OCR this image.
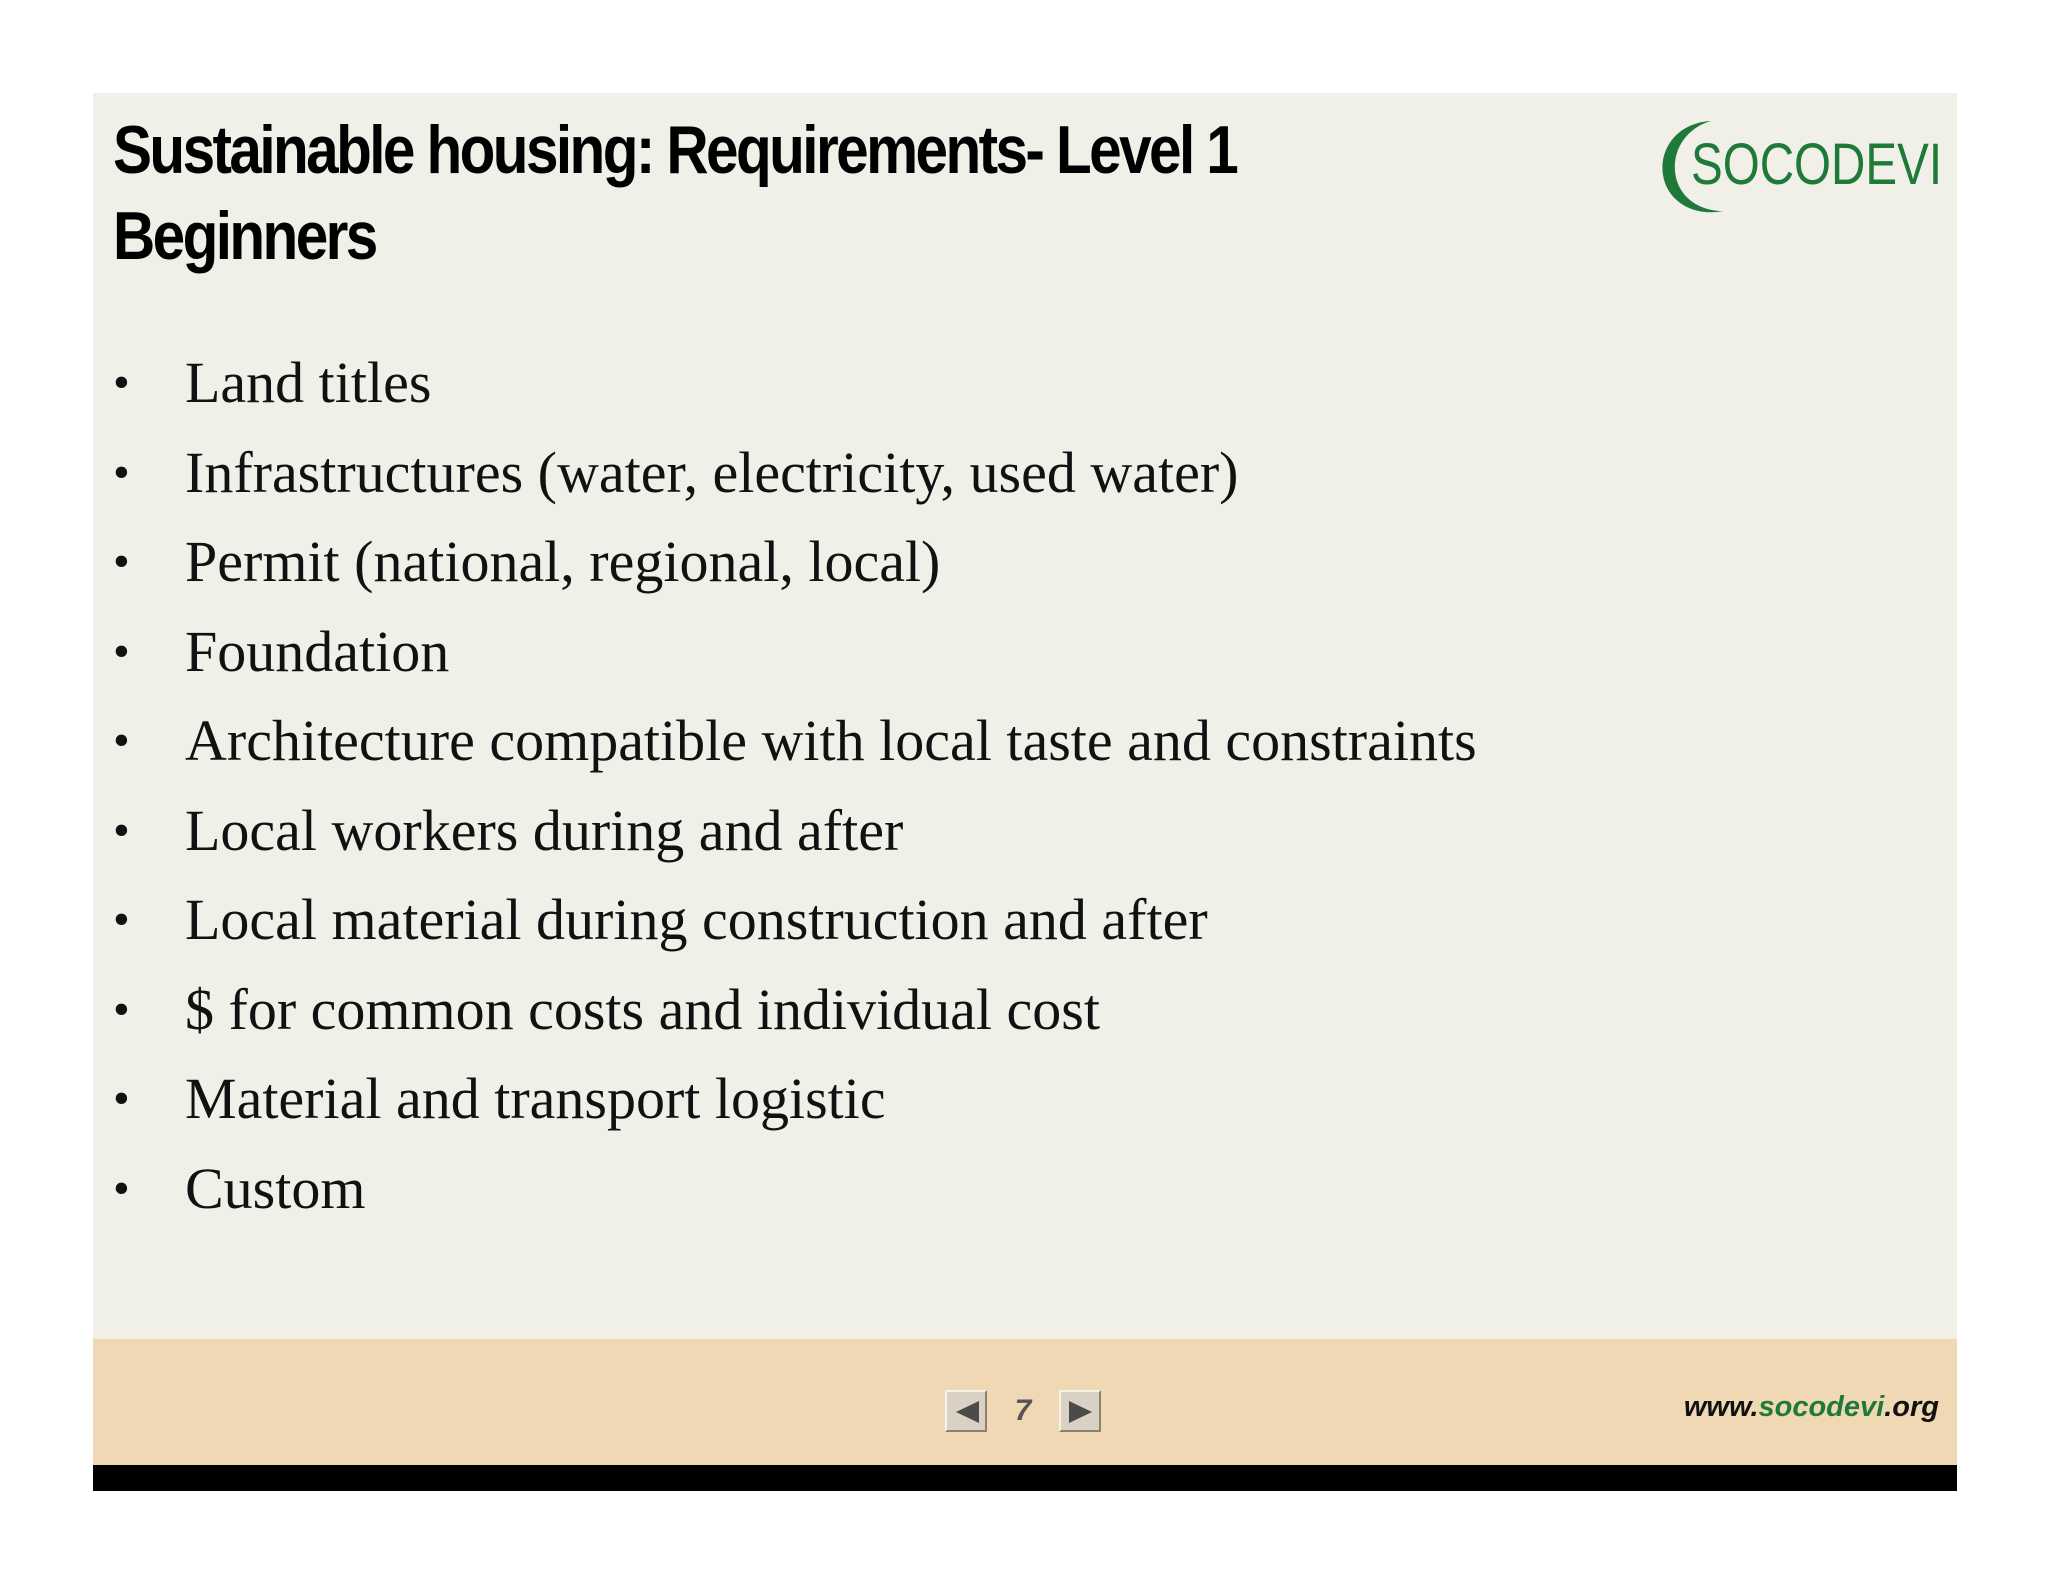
Sustainable housing: Requirements- Level 1
Beginners
SOCODEVI
• Land titles
• Infrastructures (water, electricity, used water)
• Permit (national, regional, local)
• Foundation
• Architecture compatible with local taste and constraints
• Local workers during and after
• Local material during construction and after
• $ for common costs and individual cost
• Material and transport logistic
• Custom
7	www.socodevi.org
